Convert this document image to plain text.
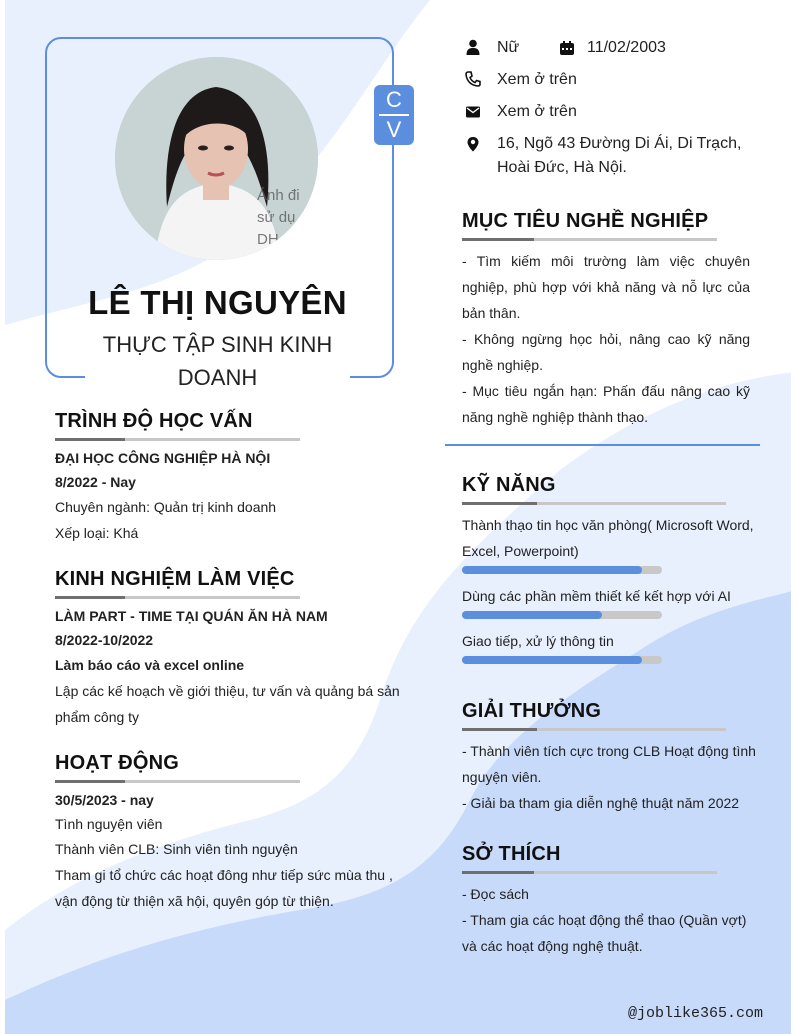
Ảnh đi
sử dụ
DH
C
V
LÊ THỊ NGUYÊN
THỰC TẬP SINH KINH DOANH
Nữ	11/02/2003
Xem ở trên
Xem ở trên
16, Ngõ 43 Đường Di Ái, Di Trạch, Hoài Đức, Hà Nội.
TRÌNH ĐỘ HỌC VẤN
ĐẠI HỌC CÔNG NGHIỆP HÀ NỘI
8/2022 - Nay
Chuyên ngành: Quản trị kinh doanh
Xếp loại: Khá
KINH NGHIỆM LÀM VIỆC
LÀM PART - TIME TẠI QUÁN ĂN HÀ NAM
8/2022-10/2022
Làm báo cáo và excel online
Lập các kế hoạch về giới thiệu, tư vấn và quảng bá sản phẩm công ty
HOẠT ĐỘNG
30/5/2023 - nay
Tình nguyện viên
Thành viên CLB: Sinh viên tình nguyện
Tham gi tổ chức các hoạt đông như tiếp sức mùa thu , vận động từ thiện xã hội, quyên góp từ thiện.
MỤC TIÊU NGHỀ NGHIỆP
- Tìm kiếm môi trường làm việc chuyên nghiệp, phù hợp với khả năng và nỗ lực của bản thân.
- Không ngừng học hỏi, nâng cao kỹ năng nghề nghiệp.
- Mục tiêu ngắn hạn: Phấn đấu nâng cao kỹ năng nghề nghiệp thành thạo.
KỸ NĂNG
Thành thạo tin học văn phòng( Microsoft Word, Excel, Powerpoint)
Dùng các phần mềm thiết kế kết hợp với AI
Giao tiếp, xử lý thông tin
GIẢI THƯỞNG
- Thành viên tích cực trong CLB Hoạt động tình nguyện viên.
- Giải ba tham gia diễn nghệ thuật năm 2022
SỞ THÍCH
- Đọc sách
- Tham gia các hoạt động thể thao (Quần vợt) và các hoạt động nghệ thuật.
@joblike365.com
